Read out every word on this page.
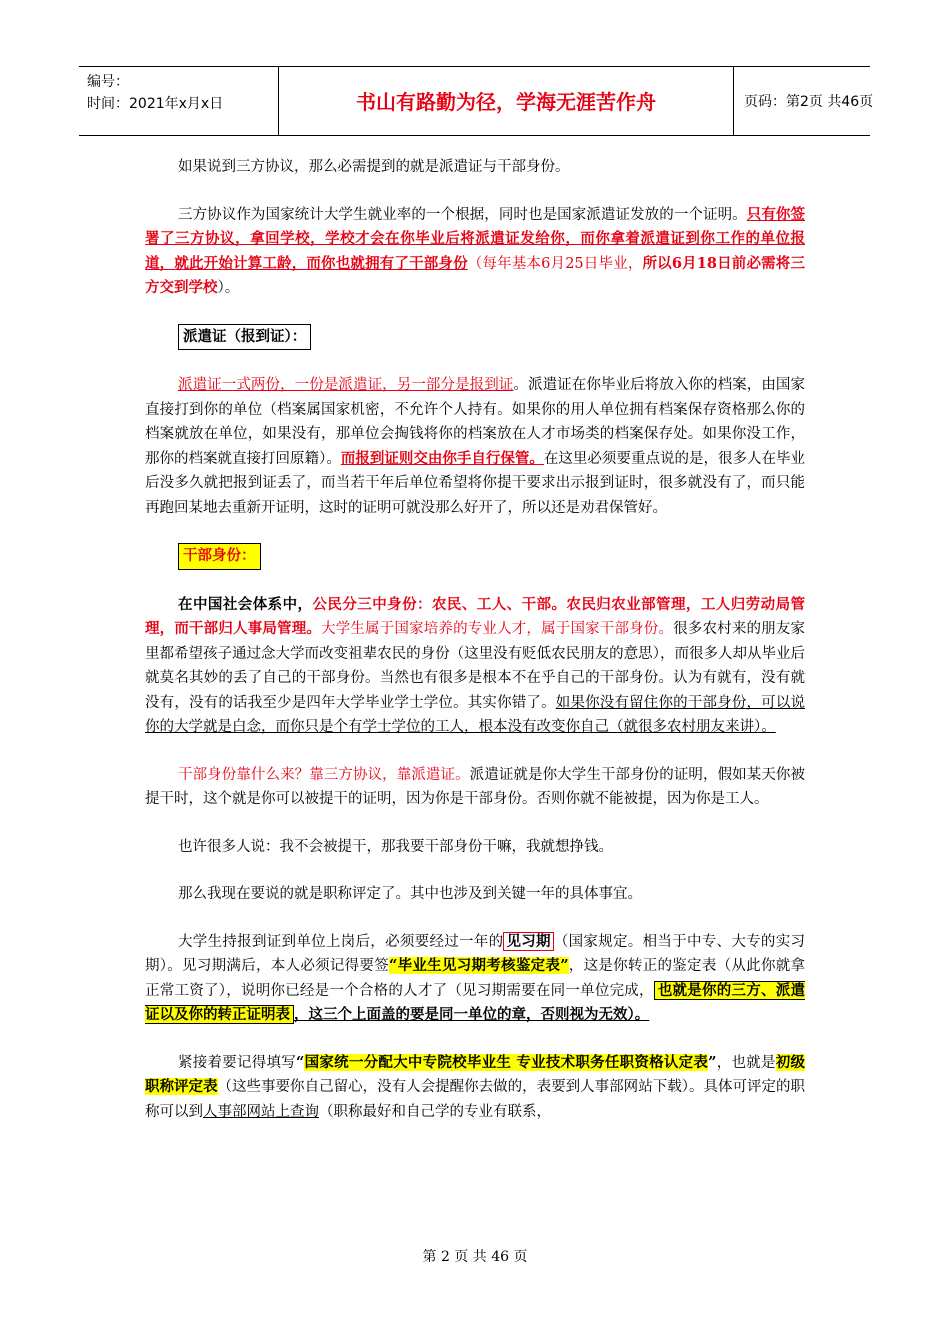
编号：
时间：2021年x月x日	书山有路勤为径，学海无涯苦作舟	页码：第2页 共46页

如果说到三方协议，那么必需提到的就是派遣证与干部身份。

三方协议作为国家统计大学生就业率的一个根据，同时也是国家派遣证发放的一个证明。只有你签署了三方协议，拿回学校，学校才会在你毕业后将派遣证发给你，而你拿着派遣证到你工作的单位报道，就此开始计算工龄，而你也就拥有了干部身份（每年基本6月25日毕业，所以6月18日前必需将三方交到学校）。

派遣证（报到证）：

派遣证一式两份，一份是派遣证，另一部分是报到证。派遣证在你毕业后将放入你的档案，由国家直接打到你的单位（档案属国家机密，不允许个人持有。如果你的用人单位拥有档案保存资格那么你的档案就放在单位，如果没有，那单位会掏钱将你的档案放在人才市场类的档案保存处。如果你没工作，那你的档案就直接打回原籍）。而报到证则交由你手自行保管。在这里必须要重点说的是，很多人在毕业后没多久就把报到证丢了，而当若干年后单位希望将你提干要求出示报到证时，很多就没有了，而只能再跑回某地去重新开证明，这时的证明可就没那么好开了，所以还是劝君保管好。

干部身份：

在中国社会体系中，公民分三中身份：农民、工人、干部。农民归农业部管理，工人归劳动局管理，而干部归人事局管理。大学生属于国家培养的专业人才，属于国家干部身份。很多农村来的朋友家里都希望孩子通过念大学而改变祖辈农民的身份（这里没有贬低农民朋友的意思），而很多人却从毕业后就莫名其妙的丢了自己的干部身份。当然也有很多是根本不在乎自己的干部身份。认为有就有，没有就没有，没有的话我至少是四年大学毕业学士学位。其实你错了。如果你没有留住你的干部身份，可以说你的大学就是白念，而你只是个有学士学位的工人，根本没有改变你自己（就很多农村朋友来讲）。

干部身份靠什么来？靠三方协议，靠派遣证。派遣证就是你大学生干部身份的证明，假如某天你被提干时，这个就是你可以被提干的证明，因为你是干部身份。否则你就不能被提，因为你是工人。

也许很多人说：我不会被提干，那我要干部身份干嘛，我就想挣钱。

那么我现在要说的就是职称评定了。其中也涉及到关键一年的具体事宜。

大学生持报到证到单位上岗后，必须要经过一年的 见习期 （国家规定。相当于中专、大专的实习期）。见习期满后，本人必须记得要签“毕业生见习期考核鉴定表”，这是你转正的鉴定表（从此你就拿正常工资了），说明你已经是一个合格的人才了（见习期需要在同一单位完成， 也就是你的三方、派遣证以及你的转正证明表 ，这三个上面盖的要是同一单位的章，否则视为无效）。

紧接着要记得填写“国家统一分配大中专院校毕业生 专业技术职务任职资格认定表”，也就是初级职称评定表（这些事要你自己留心，没有人会提醒你去做的，表要到人事部网站下载）。具体可评定的职称可以到人事部网站上查询（职称最好和自己学的专业有联系，

第 2 页 共 46 页
